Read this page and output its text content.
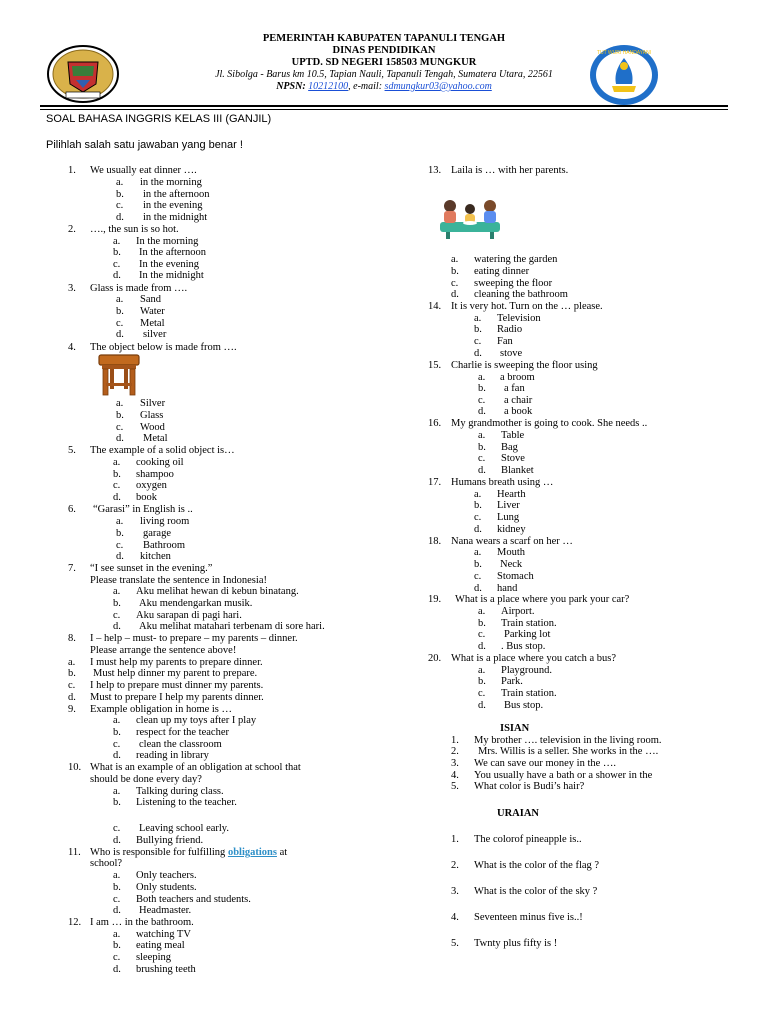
PEMERINTAH KABUPATEN TAPANULI TENGAH
DINAS PENDIDIKAN
UPTD. SD NEGERI 158503 MUNGKUR
Jl. Sibolga - Barus km 10.5, Tapian Nauli, Tapanuli Tengah, Sumatera Utara, 22561
NPSN: 10212100, e-mail: sdmungkur03@yahoo.com
TUT WURI HANDAYANI
SOAL BAHASA INGGRIS KELAS III (GANJIL)
Pilihlah salah satu jawaban yang benar !
1. We usually eat dinner ….
a. in the morning
b. in the afternoon
c. in the evening
d. in the midnight
2. …., the sun is so hot.
a. In the morning
b. In the afternoon
c. In the evening
d. In the midnight
3. Glass is made from ….
a. Sand
b. Water
c. Metal
d. silver
4. The object below is made from ….
a. Silver
b. Glass
c. Wood
d. Metal
5. The example of a solid object is…
a. cooking oil
b. shampoo
c. oxygen
d. book
6. “Garasi” in English is ..
a. living room
b. garage
c. Bathroom
d. kitchen
7. “I see sunset in the evening.”
Please translate the sentence in Indonesia!
a. Aku melihat hewan di kebun binatang.
b. Aku mendengarkan musik.
c. Aku sarapan di pagi hari.
d. Aku melihat matahari terbenam di sore hari.
8. I – help – must- to prepare – my parents – dinner.
Please arrange the sentence above!
a. I must help my parents to prepare dinner.
b. Must help dinner my parent to prepare.
c. I help to prepare must dinner my parents.
d. Must to prepare I help my parents dinner.
9. Example obligation in home is …
a. clean up my toys after I play
b. respect for the teacher
c. clean the classroom
d. reading in library
10. What is an example of an obligation at school that
should be done every day?
a. Talking during class.
b. Listening to the teacher.
c. Leaving school early.
d. Bullying friend.
11. Who is responsible for fulfilling obligations at
school?
a. Only teachers.
b. Only students.
c. Both teachers and students.
d. Headmaster.
12. I am … in the bathroom.
a. watching TV
b. eating meal
c. sleeping
d. brushing teeth
13. Laila is … with her parents.
a. watering the garden
b. eating dinner
c. sweeping the floor
d. cleaning the bathroom
14. It is very hot. Turn on the … please.
a. Television
b. Radio
c. Fan
d. stove
15. Charlie is sweeping the floor using
a. a broom
b. a fan
c. a chair
d. a book
16. My grandmother is going to cook. She needs ..
a. Table
b. Bag
c. Stove
d. Blanket
17. Humans breath using …
a. Hearth
b. Liver
c. Lung
d. kidney
18. Nana wears a scarf on her …
a. Mouth
b. Neck
c. Stomach
d. hand
19. What is a place where you park your car?
a. Airport.
b. Train station.
c. Parking lot
d. . Bus stop.
20. What is a place where you catch a bus?
a. Playground.
b. Park.
c. Train station.
d. Bus stop.
ISIAN
1. My brother …. television in the living room.
2. Mrs. Willis is a seller. She works in the ….
3. We can save our money in the ….
4. You usually have a bath or a shower in the
5. What color is Budi’s hair?
URAIAN
1. The colorof pineapple is..
2. What is the color of the flag ?
3. What is the color of the sky ?
4. Seventeen minus five is..!
5. Twnty plus fifty is !
